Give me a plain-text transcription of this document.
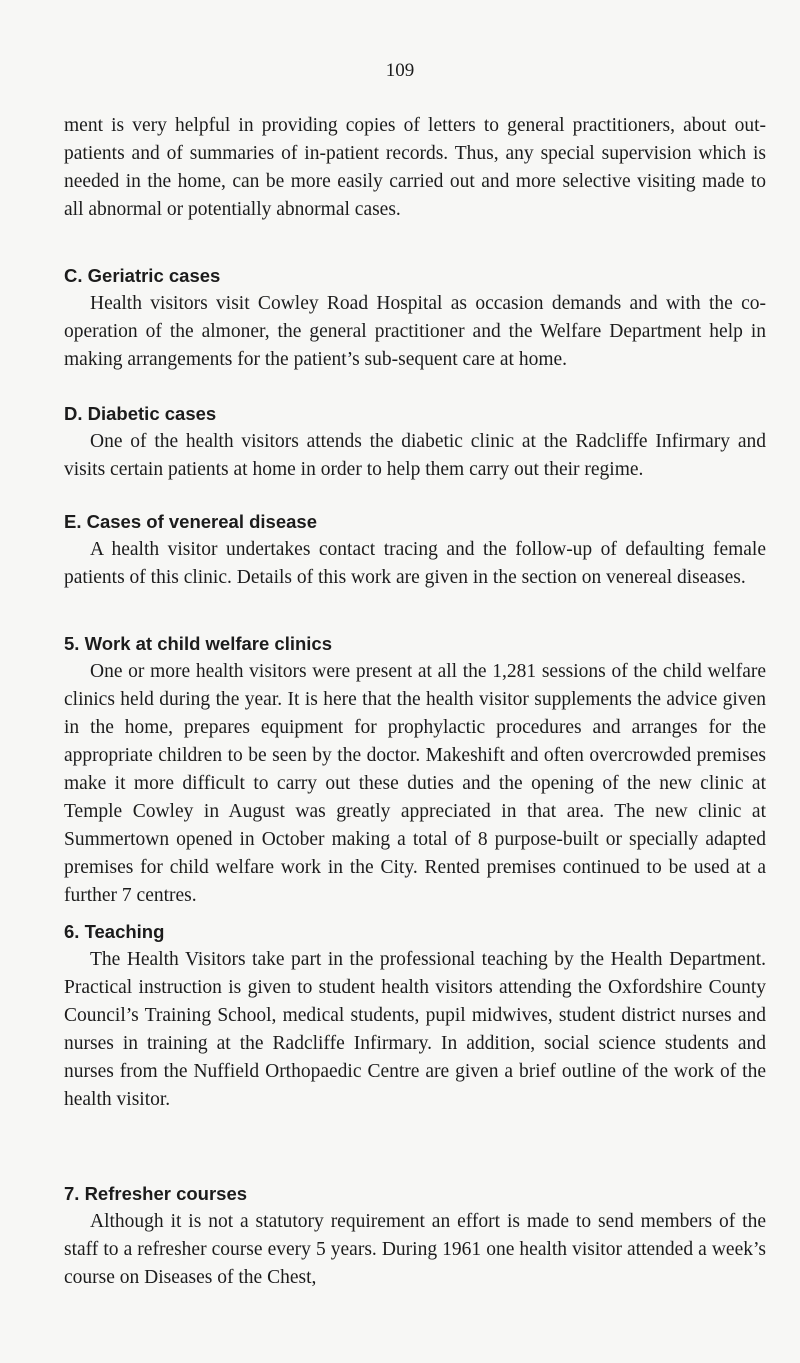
109

ment is very helpful in providing copies of letters to general practitioners, about out-patients and of summaries of in-patient records. Thus, any special supervision which is needed in the home, can be more easily carried out and more selective visiting made to all abnormal or potentially abnormal cases.

C. Geriatric cases

Health visitors visit Cowley Road Hospital as occasion demands and with the co-operation of the almoner, the general practitioner and the Welfare Department help in making arrangements for the patient’s sub-sequent care at home.

D. Diabetic cases

One of the health visitors attends the diabetic clinic at the Radcliffe Infirmary and visits certain patients at home in order to help them carry out their regime.

E. Cases of venereal disease

A health visitor undertakes contact tracing and the follow-up of defaulting female patients of this clinic. Details of this work are given in the section on venereal diseases.

5. Work at child welfare clinics

One or more health visitors were present at all the 1,281 sessions of the child welfare clinics held during the year. It is here that the health visitor supplements the advice given in the home, prepares equipment for prophylactic procedures and arranges for the appropriate children to be seen by the doctor. Makeshift and often overcrowded premises make it more difficult to carry out these duties and the opening of the new clinic at Temple Cowley in August was greatly appreciated in that area. The new clinic at Summertown opened in October making a total of 8 purpose-built or specially adapted premises for child welfare work in the City. Rented premises continued to be used at a further 7 centres.

6. Teaching

The Health Visitors take part in the professional teaching by the Health Department. Practical instruction is given to student health visitors attending the Oxfordshire County Council’s Training School, medical students, pupil midwives, student district nurses and nurses in training at the Radcliffe Infirmary. In addition, social science students and nurses from the Nuffield Orthopaedic Centre are given a brief outline of the work of the health visitor.

7. Refresher courses

Although it is not a statutory requirement an effort is made to send members of the staff to a refresher course every 5 years. During 1961 one health visitor attended a week’s course on Diseases of the Chest,
